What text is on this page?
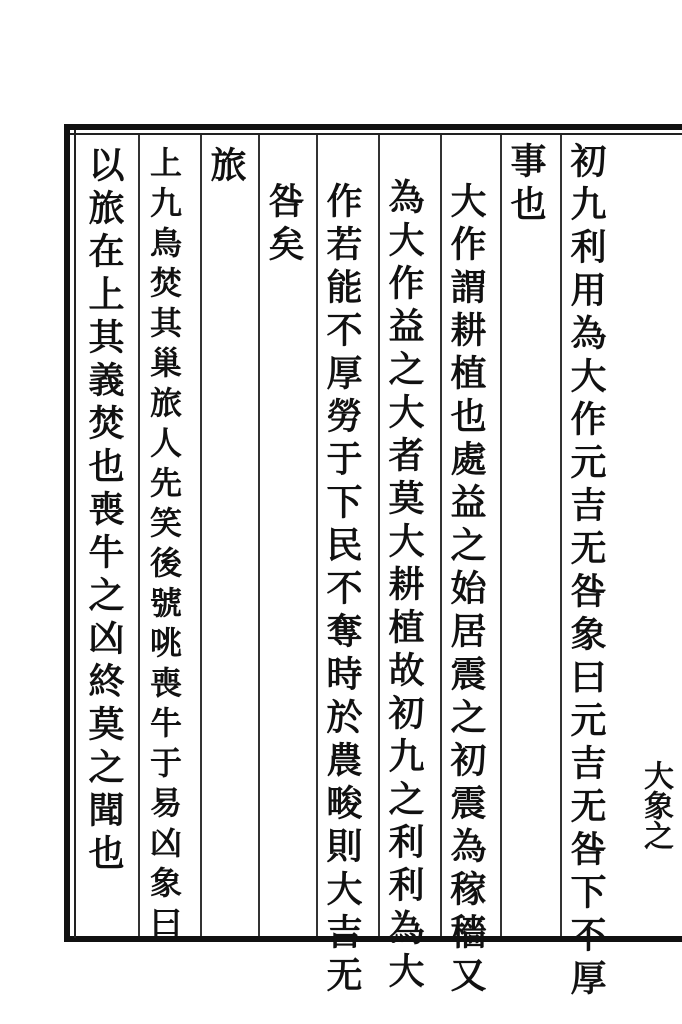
初九利用為大作元吉无咎象曰元吉无咎下不厚
事也
大作謂耕植也處益之始居震之初震為稼穡又
為大作益之大者莫大耕植故初九之利利為大
作若能不厚勞于下民不奪時於農畯則大吉无
咎矣
旅
上九鳥焚其巢旅人先笑後號咷喪牛于易凶象曰
以旅在上其義焚也喪牛之凶終莫之聞也	大象之
